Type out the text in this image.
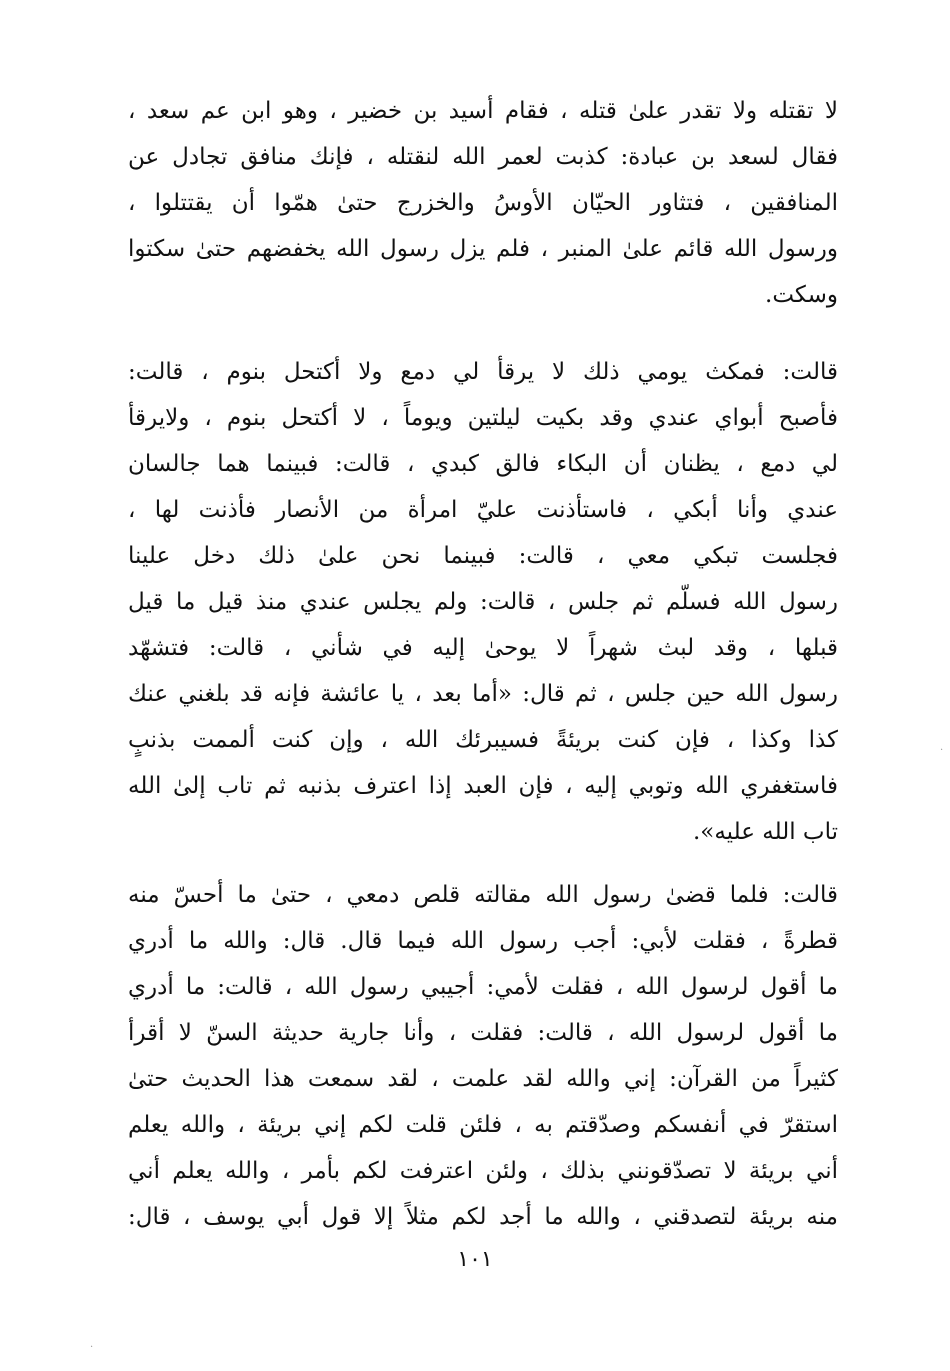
لا تقتله ولا تقدر علىٰ قتله ، فقام أسيد بن خضير ، وهو ابن عم سعد ،
فقال لسعد بن عبادة: كذبت لعمر الله لنقتله ، فإنك منافق تجادل عن
المنافقين ، فتثاور الحيّان الأوسُ والخزرج حتىٰ همّوا أن يقتتلوا ،
ورسول الله قائم علىٰ المنبر ، فلم يزل رسول الله يخفضهم حتىٰ سكتوا
وسكت.
قالت: فمكث يومي ذلك لا يرقأ لي دمع ولا أكتحل بنوم ، قالت:
فأصبح أبواي عندي وقد بكيت ليلتين ويوماً ، لا أكتحل بنوم ، ولايرقأ
لي دمع ، يظنان أن البكاء فالق كبدي ، قالت: فبينما هما جالسان
عندي وأنا أبكي ، فاستأذنت عليّ امرأة من الأنصار فأذنت لها ،
فجلست تبكي معي ، قالت: فبينما نحن علىٰ ذلك دخل علينا
رسول الله فسلّم ثم جلس ، قالت: ولم يجلس عندي منذ قيل ما قيل
قبلها ، وقد لبث شهراً لا يوحىٰ إليه في شأني ، قالت: فتشهّد
رسول الله حين جلس ، ثم قال: «أما بعد ، يا عائشة فإنه قد بلغني عنك
كذا وكذا ، فإن كنت بريئةً فسيبرئك الله ، وإن كنت ألممت بذنبٍ
فاستغفري الله وتوبي إليه ، فإن العبد إذا اعترف بذنبه ثم تاب إلىٰ الله
تاب الله عليه».
قالت: فلما قضىٰ رسول الله مقالته قلص دمعي ، حتىٰ ما أحسّ منه
قطرةً ، فقلت لأبي: أجب رسول الله فيما قال. قال: والله ما أدري
ما أقول لرسول الله ، فقلت لأمي: أجيبي رسول الله ، قالت: ما أدري
ما أقول لرسول الله ، قالت: فقلت ، وأنا جارية حديثة السنّ لا أقرأ
كثيراً من القرآن: إني والله لقد علمت ، لقد سمعت هذا الحديث حتىٰ
استقرّ في أنفسكم وصدّقتم به ، فلئن قلت لكم إني بريئة ، والله يعلم
أني بريئة لا تصدّقونني بذلك ، ولئن اعترفت لكم بأمر ، والله يعلم أني
منه بريئة لتصدقني ، والله ما أجد لكم مثلاً إلا قول أبي يوسف ، قال:
١٠١
.
.
